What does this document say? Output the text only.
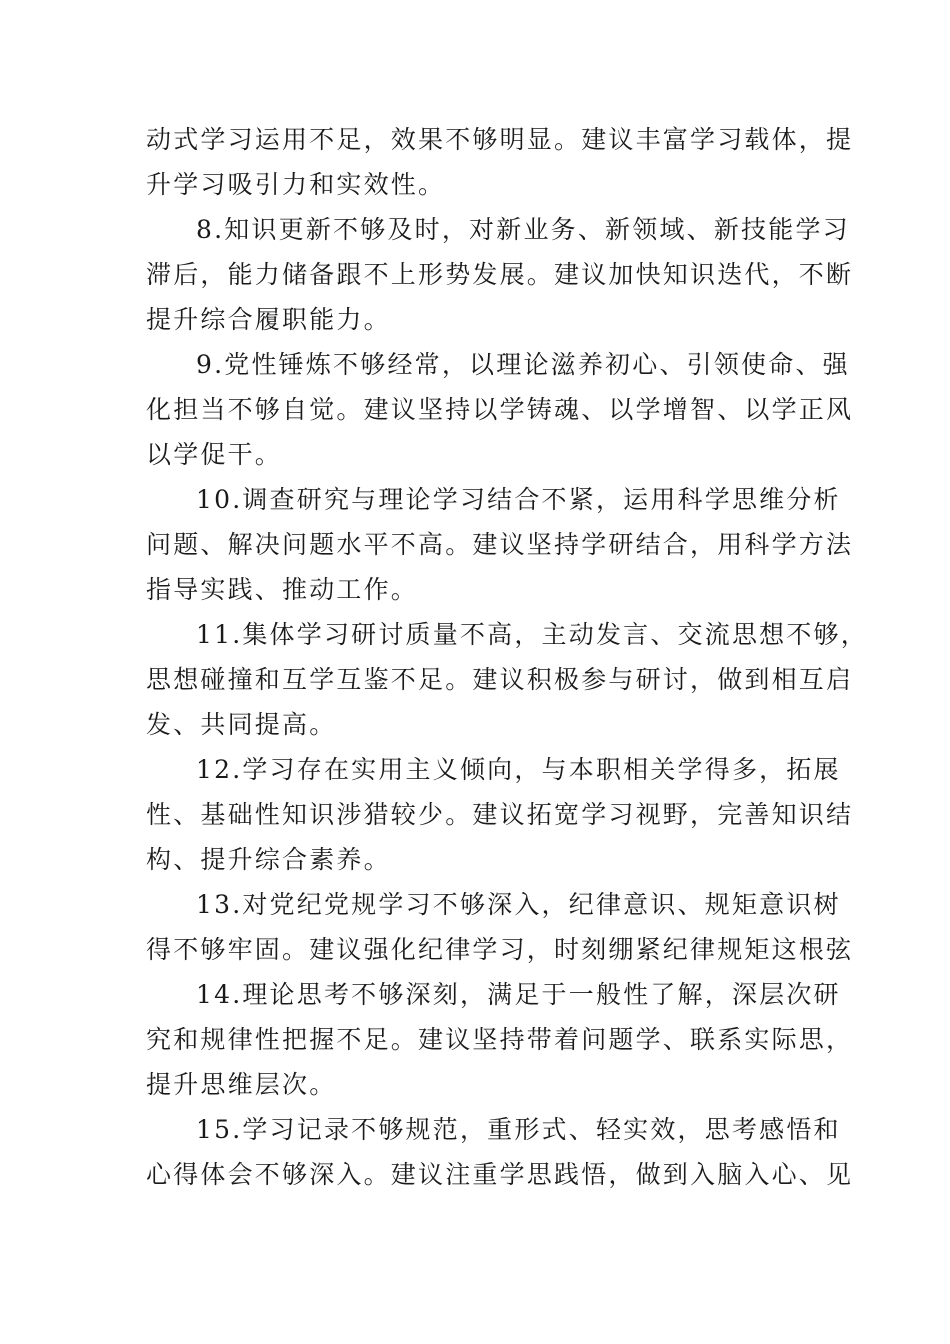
动式学习运用不足，效果不够明显。建议丰富学习载体，提
升学习吸引力和实效性。
8.知识更新不够及时，对新业务、新领域、新技能学习
滞后，能力储备跟不上形势发展。建议加快知识迭代，不断
提升综合履职能力。
9.党性锤炼不够经常，以理论滋养初心、引领使命、强
化担当不够自觉。建议坚持以学铸魂、以学增智、以学正风
以学促干。
10.调查研究与理论学习结合不紧，运用科学思维分析
问题、解决问题水平不高。建议坚持学研结合，用科学方法
指导实践、推动工作。
11.集体学习研讨质量不高，主动发言、交流思想不够，
思想碰撞和互学互鉴不足。建议积极参与研讨，做到相互启
发、共同提高。
12.学习存在实用主义倾向，与本职相关学得多，拓展
性、基础性知识涉猎较少。建议拓宽学习视野，完善知识结
构、提升综合素养。
13.对党纪党规学习不够深入，纪律意识、规矩意识树
得不够牢固。建议强化纪律学习，时刻绷紧纪律规矩这根弦
14.理论思考不够深刻，满足于一般性了解，深层次研
究和规律性把握不足。建议坚持带着问题学、联系实际思，
提升思维层次。
15.学习记录不够规范，重形式、轻实效，思考感悟和
心得体会不够深入。建议注重学思践悟，做到入脑入心、见
